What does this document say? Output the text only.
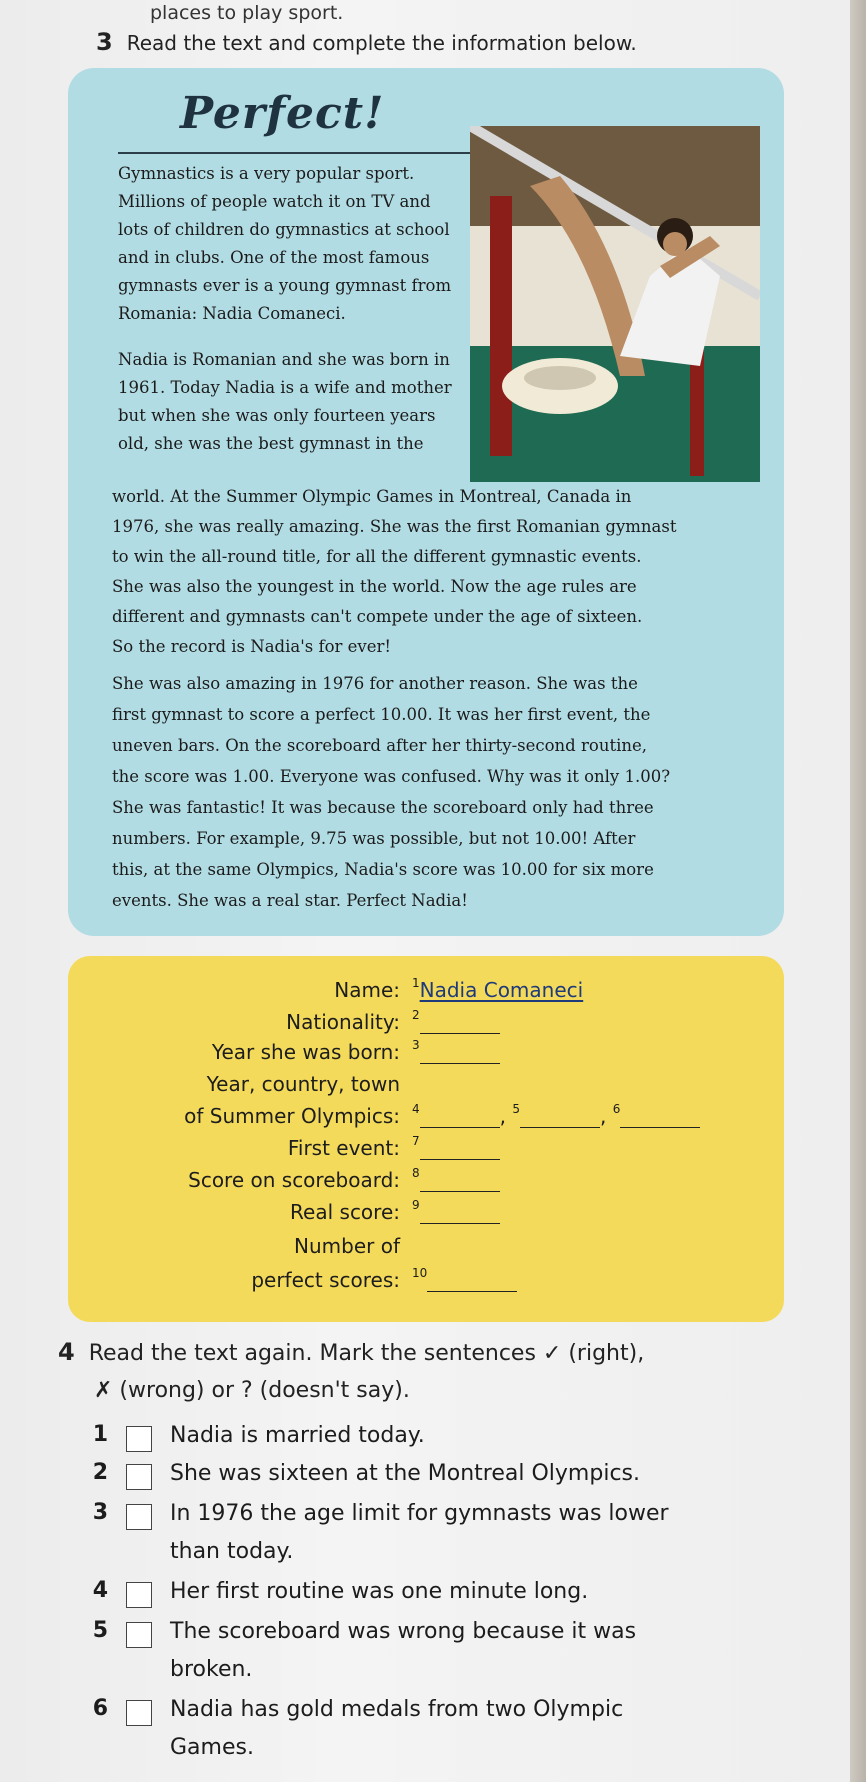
places to play sport.
3 Read the text and complete the information below.
Perfect!
Gymnastics is a very popular sport.
Millions of people watch it on TV and
lots of children do gymnastics at school
and in clubs. One of the most famous
gymnasts ever is a young gymnast from
Romania: Nadia Comaneci.
Nadia is Romanian and she was born in
1961. Today Nadia is a wife and mother
but when she was only fourteen years
old, she was the best gymnast in the
world. At the Summer Olympic Games in Montreal, Canada in
1976, she was really amazing. She was the first Romanian gymnast
to win the all-round title, for all the different gymnastic events.
She was also the youngest in the world. Now the age rules are
different and gymnasts can't compete under the age of sixteen.
So the record is Nadia's for ever!
She was also amazing in 1976 for another reason. She was the
first gymnast to score a perfect 10.00. It was her first event, the
uneven bars. On the scoreboard after her thirty-second routine,
the score was 1.00. Everyone was confused. Why was it only 1.00?
She was fantastic! It was because the scoreboard only had three
numbers. For example, 9.75 was possible, but not 10.00! After
this, at the same Olympics, Nadia's score was 10.00 for six more
events. She was a real star. Perfect Nadia!
Name: $^1$Nadia Comaneci
Nationality: $^2$
Year she was born: $^3$
Year, country, town
of Summer Olympics: $^4$	, $^5$	, $^6$
First event: $^7$
Score on scoreboard: $^8$
Real score: $^9$
Number of
perfect scores: $^{10}$
4 Read the text again. Mark the sentences ✓ (right),
✗ (wrong) or ? (doesn't say).
1	Nadia is married today.
2	She was sixteen at the Montreal Olympics.
3	In 1976 the age limit for gymnasts was lower than today.
4	Her first routine was one minute long.
5	The scoreboard was wrong because it was broken.
6	Nadia has gold medals from two Olympic Games.
